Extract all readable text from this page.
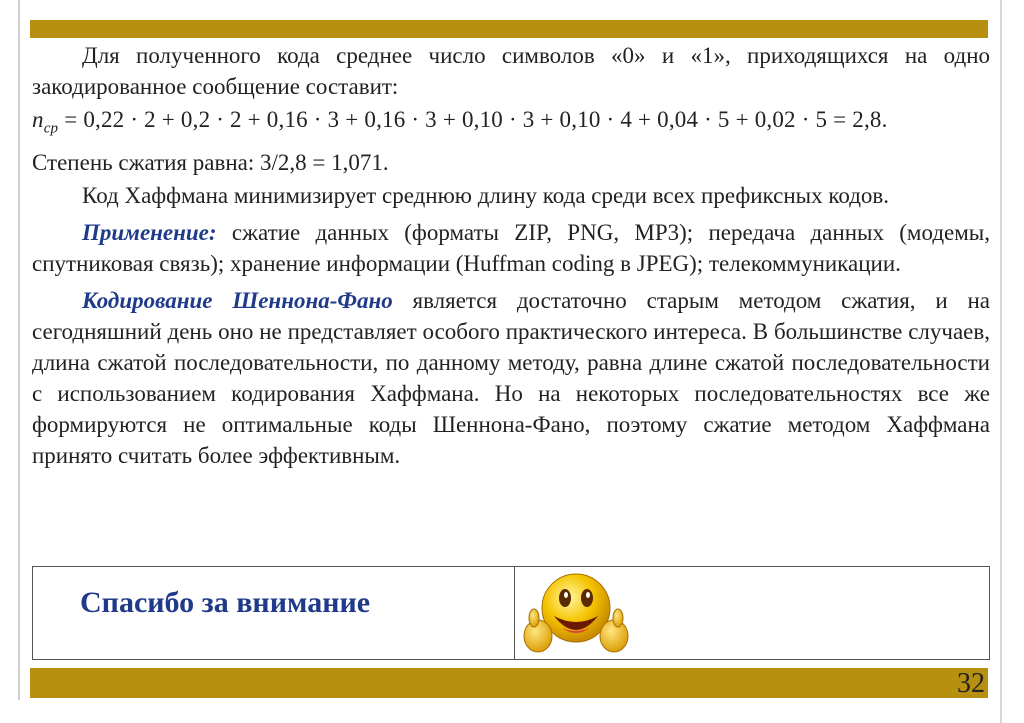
Для полученного кода среднее число символов «0» и «1», приходящихся на одно закодированное сообщение составит:

$n_{ср} = 0,22 \cdot 2 + 0,2 \cdot 2 + 0,16 \cdot 3 + 0,16 \cdot 3 + 0,10 \cdot 3 + 0,10 \cdot 4 + 0,04 \cdot 5 + 0,02 \cdot 5 = 2,8$.

Степень сжатия равна: 3/2,8 = 1,071.

Код Хаффмана минимизирует среднюю длину кода среди всех префиксных кодов.

Применение: сжатие данных (форматы ZIP, PNG, MP3); передача данных (модемы, спутниковая связь); хранение информации (Huffman coding в JPEG); телекоммуникации.

Кодирование Шеннона-Фано является достаточно старым методом сжатия, и на сегодняшний день оно не представляет особого практического интереса. В большинстве случаев, длина сжатой последовательности, по данному методу, равна длине сжатой последовательности с использованием кодирования Хаффмана. Но на некоторых последовательностях все же формируются не оптимальные коды Шеннона-Фано, поэтому сжатие методом Хаффмана принято считать более эффективным.

Спасибо за внимание
32
